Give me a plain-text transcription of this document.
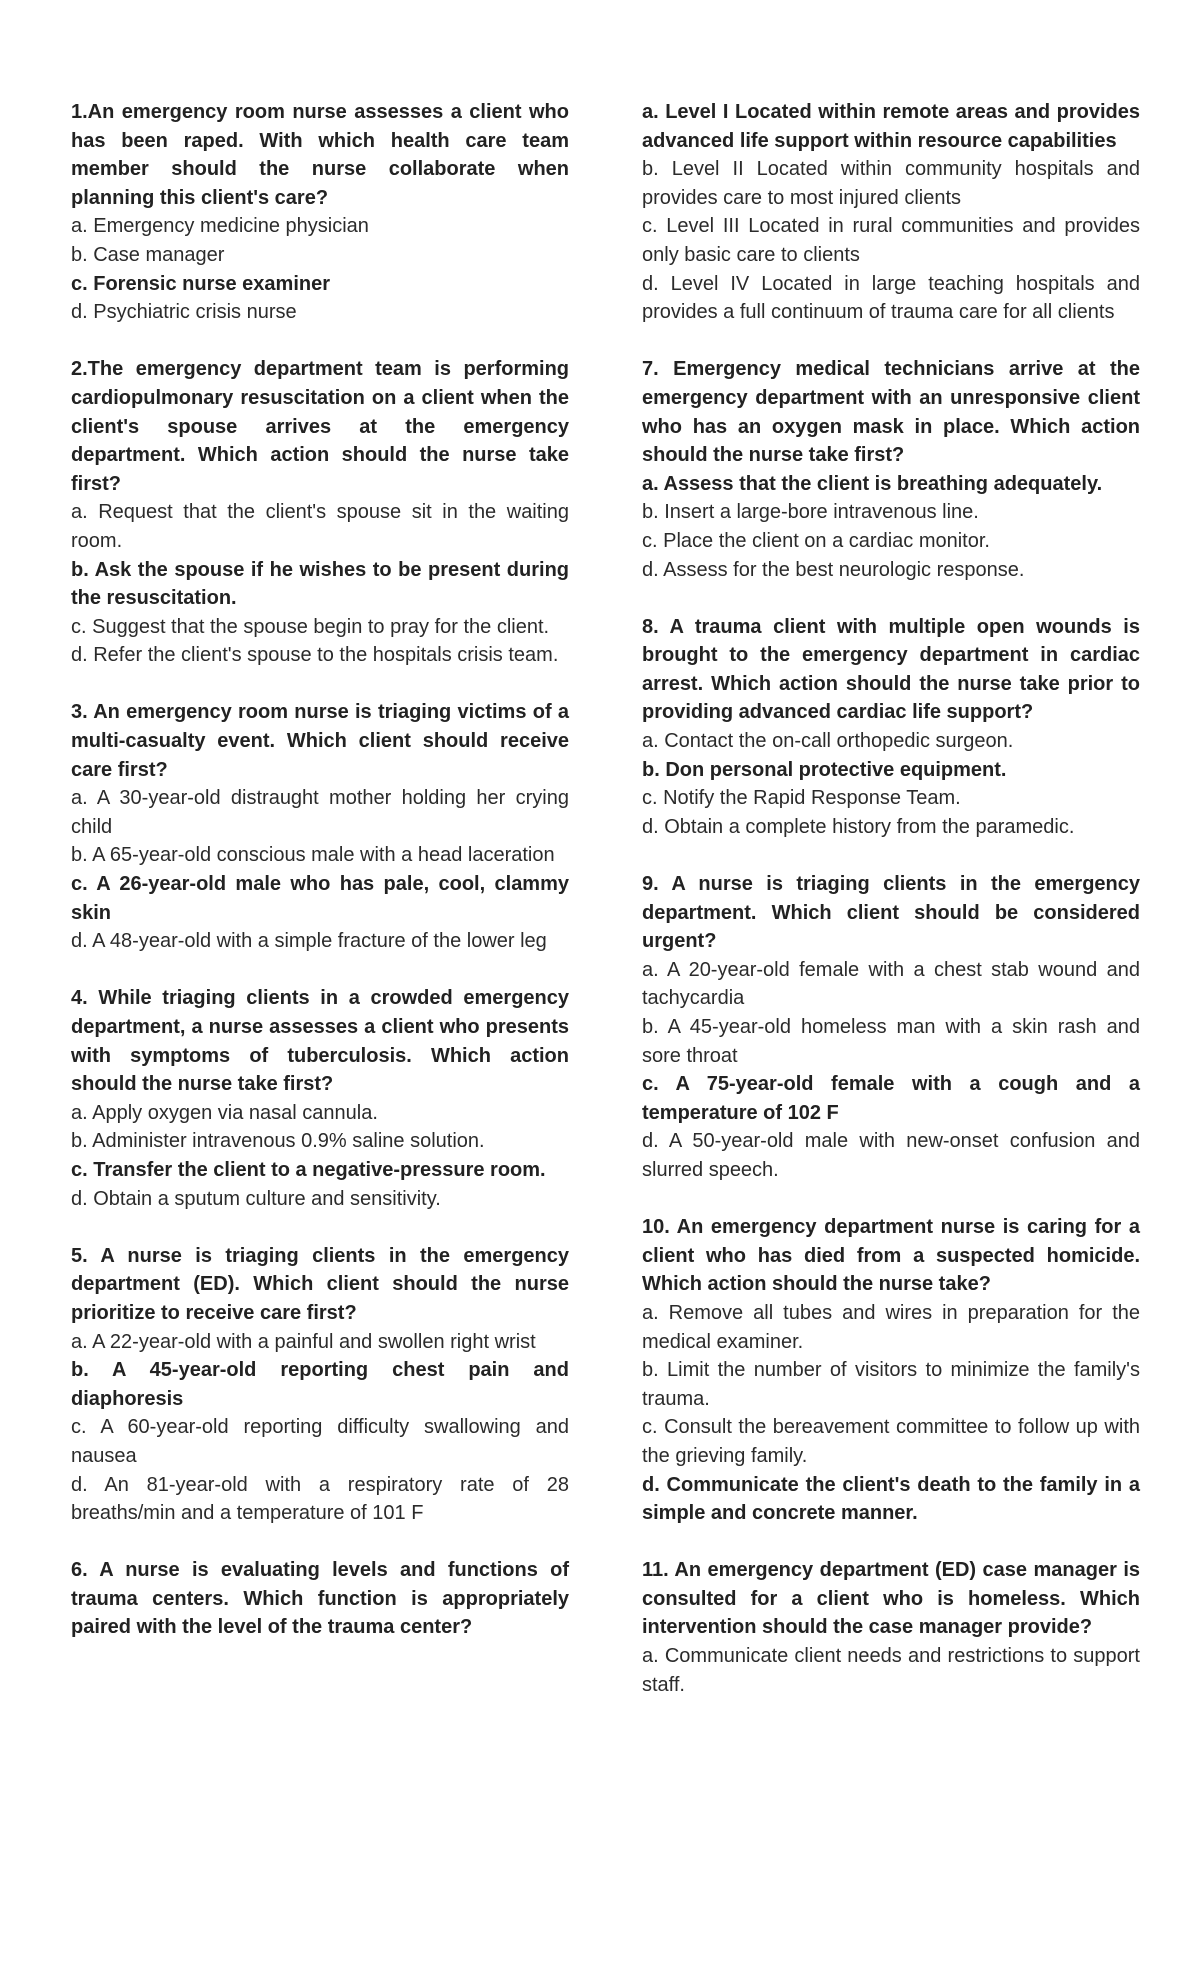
1.An emergency room nurse assesses a client who has been raped. With which health care team member should the nurse collaborate when planning this client's care?

a. Emergency medicine physician

b. Case manager

c. Forensic nurse examiner

d. Psychiatric crisis nurse

2.The emergency department team is performing cardiopulmonary resuscitation on a client when the client's spouse arrives at the emergency department. Which action should the nurse take first?

a. Request that the client's spouse sit in the waiting room.

b. Ask the spouse if he wishes to be present during the resuscitation.

c. Suggest that the spouse begin to pray for the client.

d. Refer the client's spouse to the hospitals crisis team.

3. An emergency room nurse is triaging victims of a multi-casualty event. Which client should receive care first?

a. A 30-year-old distraught mother holding her crying child

b. A 65-year-old conscious male with a head laceration

c. A 26-year-old male who has pale, cool, clammy skin

d. A 48-year-old with a simple fracture of the lower leg

4. While triaging clients in a crowded emergency department, a nurse assesses a client who presents with symptoms of tuberculosis. Which action should the nurse take first?

a. Apply oxygen via nasal cannula.

b. Administer intravenous 0.9% saline solution.

c. Transfer the client to a negative-pressure room.

d. Obtain a sputum culture and sensitivity.

5. A nurse is triaging clients in the emergency department (ED). Which client should the nurse prioritize to receive care first?

a. A 22-year-old with a painful and swollen right wrist

b. A 45-year-old reporting chest pain and diaphoresis

c. A 60-year-old reporting difficulty swallowing and nausea

d. An 81-year-old with a respiratory rate of 28 breaths/min and a temperature of 101 F

6. A nurse is evaluating levels and functions of trauma centers. Which function is appropriately paired with the level of the trauma center?

a. Level I Located within remote areas and provides advanced life support within resource capabilities

b. Level II Located within community hospitals and provides care to most injured clients

c. Level III Located in rural communities and provides only basic care to clients

d. Level IV Located in large teaching hospitals and provides a full continuum of trauma care for all clients

7. Emergency medical technicians arrive at the emergency department with an unresponsive client who has an oxygen mask in place. Which action should the nurse take first?

a. Assess that the client is breathing adequately.

b. Insert a large-bore intravenous line.

c. Place the client on a cardiac monitor.

d. Assess for the best neurologic response.

8. A trauma client with multiple open wounds is brought to the emergency department in cardiac arrest. Which action should the nurse take prior to providing advanced cardiac life support?

a. Contact the on-call orthopedic surgeon.

b. Don personal protective equipment.

c. Notify the Rapid Response Team.

d. Obtain a complete history from the paramedic.

9. A nurse is triaging clients in the emergency department. Which client should be considered urgent?

a. A 20-year-old female with a chest stab wound and tachycardia

b. A 45-year-old homeless man with a skin rash and sore throat

c. A 75-year-old female with a cough and a temperature of 102 F

d. A 50-year-old male with new-onset confusion and slurred speech.

10. An emergency department nurse is caring for a client who has died from a suspected homicide. Which action should the nurse take?

a. Remove all tubes and wires in preparation for the medical examiner.

b. Limit the number of visitors to minimize the family's trauma.

c. Consult the bereavement committee to follow up with the grieving family.

d. Communicate the client's death to the family in a simple and concrete manner.

11. An emergency department (ED) case manager is consulted for a client who is homeless. Which intervention should the case manager provide?

a. Communicate client needs and restrictions to support staff.
